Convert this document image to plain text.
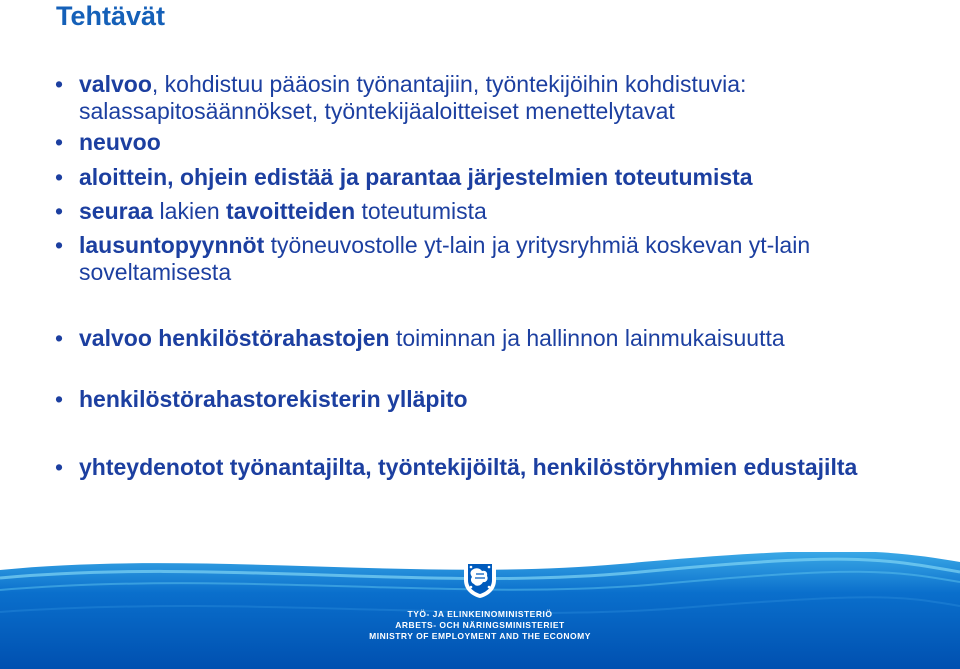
Tehtävät
• valvoo, kohdistuu pääosin työnantajiin, työntekijöihin kohdistuvia: salassapitosäännökset, työntekijäaloitteiset menettelytavat
• neuvoo
• aloittein, ohjein edistää ja parantaa järjestelmien toteutumista
• seuraa lakien tavoitteiden toteutumista
• lausuntopyynnöt työneuvostolle yt-lain ja yritysryhmiä koskevan yt-lain soveltamisesta
• valvoo henkilöstörahastojen toiminnan ja hallinnon lainmukaisuutta
• henkilöstörahastorekisterin ylläpito
• yhteydenotot työnantajilta, työntekijöiltä, henkilöstöryhmien edustajilta
TYÖ- JA ELINKEINOMINISTERIÖ
ARBETS- OCH NÄRINGSMINISTERIET
MINISTRY OF EMPLOYMENT AND THE ECONOMY
